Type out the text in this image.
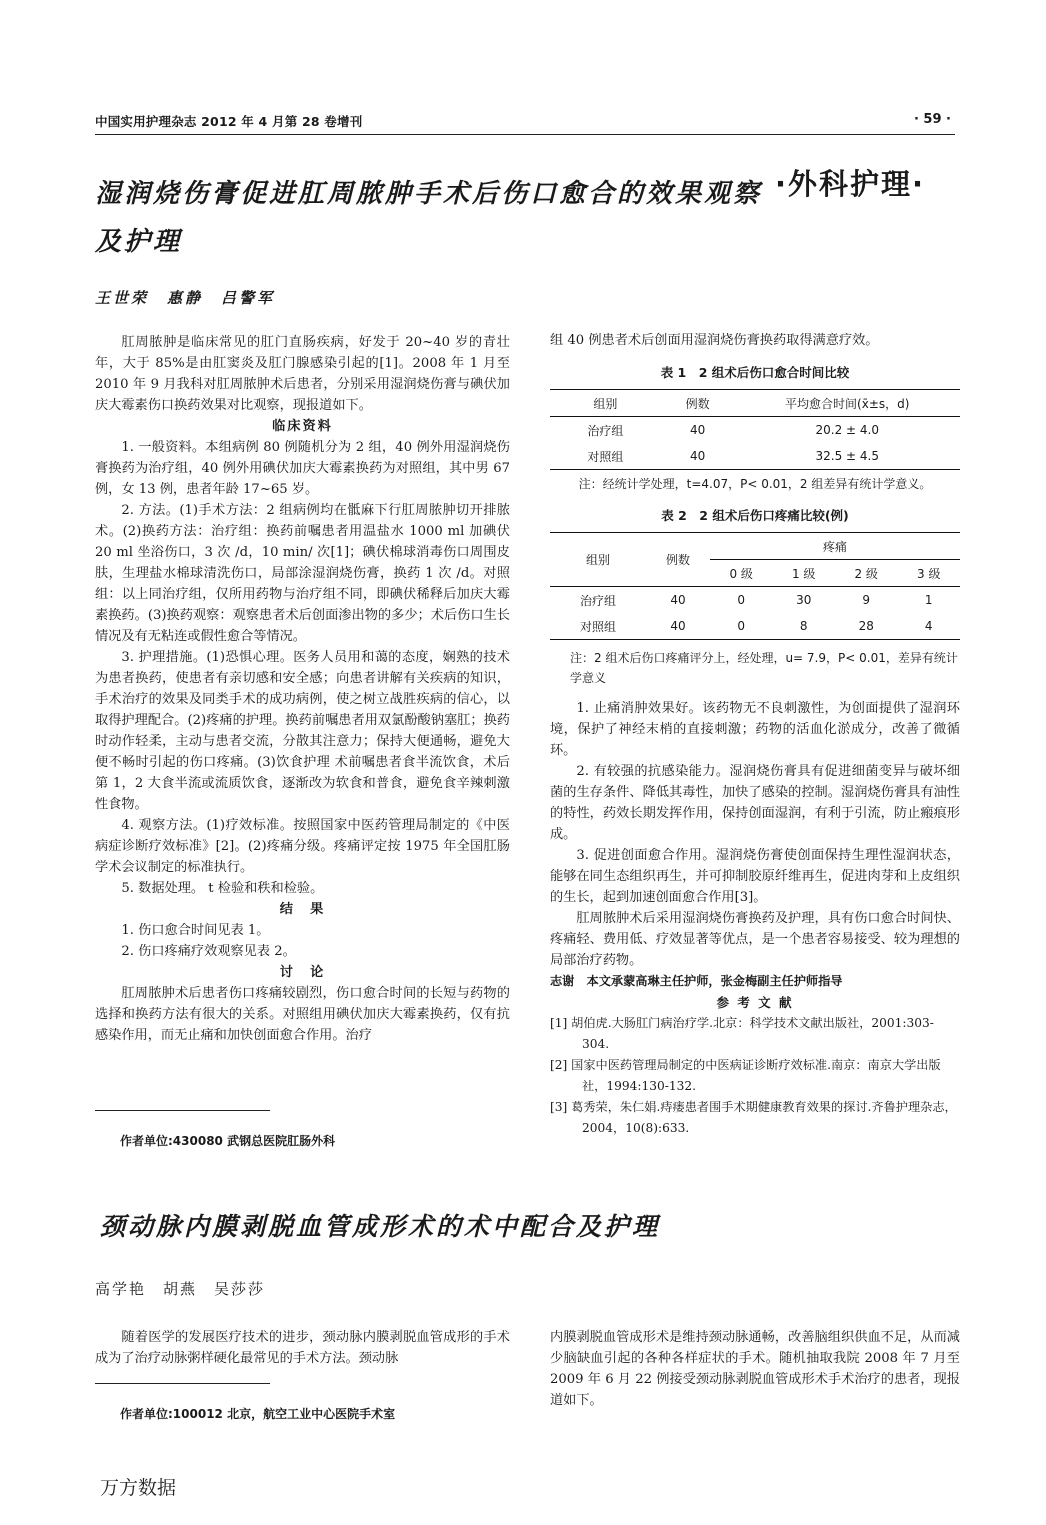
中国实用护理杂志 2012 年 4 月第 28 卷增刊	· 59 ·
湿润烧伤膏促进肛周脓肿手术后伤口愈合的效果观察及护理
·外科护理·
王世荣　惠静　吕警军

肛周脓肿是临床常见的肛门直肠疾病，好发于 20~40 岁的青壮年，大于 85%是由肛窦炎及肛门腺感染引起的[1]。2008 年 1 月至 2010 年 9 月我科对肛周脓肿术后患者，分别采用湿润烧伤膏与碘伏加庆大霉素伤口换药效果对比观察，现报道如下。

临床资料

1. 一般资料。本组病例 80 例随机分为 2 组，40 例外用湿润烧伤膏换药为治疗组，40 例外用碘伏加庆大霉素换药为对照组，其中男 67 例，女 13 例，患者年龄 17~65 岁。

2. 方法。(1)手术方法：2 组病例均在骶麻下行肛周脓肿切开排脓术。(2)换药方法：治疗组：换药前嘱患者用温盐水 1000 ml 加碘伏 20 ml 坐浴伤口，3 次 /d，10 min/ 次[1]；碘伏棉球消毒伤口周围皮肤，生理盐水棉球清洗伤口，局部涂湿润烧伤膏，换药 1 次 /d。对照组：以上同治疗组，仅所用药物与治疗组不同，即碘伏稀释后加庆大霉素换药。(3)换药观察：观察患者术后创面渗出物的多少；术后伤口生长情况及有无粘连或假性愈合等情况。

3. 护理措施。(1)恐惧心理。医务人员用和蔼的态度，娴熟的技术为患者换药，使患者有亲切感和安全感；向患者讲解有关疾病的知识，手术治疗的效果及同类手术的成功病例，使之树立战胜疾病的信心，以取得护理配合。(2)疼痛的护理。换药前嘱患者用双氯酚酸钠塞肛；换药时动作轻柔，主动与患者交流，分散其注意力；保持大便通畅，避免大便不畅时引起的伤口疼痛。(3)饮食护理 术前嘱患者食半流饮食，术后第 1，2 大食半流或流质饮食，逐渐改为软食和普食，避免食辛辣刺激性食物。

4. 观察方法。(1)疗效标准。按照国家中医药管理局制定的《中医病症诊断疗效标准》[2]。(2)疼痛分级。疼痛评定按 1975 年全国肛肠学术会议制定的标准执行。

5. 数据处理。 t 检验和秩和检验。

结　果

1. 伤口愈合时间见表 1。

2. 伤口疼痛疗效观察见表 2。

讨　论

肛周脓肿术后患者伤口疼痛较剧烈，伤口愈合时间的长短与药物的选择和换药方法有很大的关系。对照组用碘伏加庆大霉素换药，仅有抗感染作用，而无止痛和加快创面愈合作用。治疗

作者单位:430080 武钢总医院肛肠外科

组 40 例患者术后创面用湿润烧伤膏换药取得满意疗效。

表 1　2 组术后伤口愈合时间比较

组别	例数	平均愈合时间(x̄±s，d)
治疗组	40	20.2 ± 4.0
对照组	40	32.5 ± 4.5

注：经统计学处理，t=4.07，P< 0.01，2 组差异有统计学意义。

表 2　2 组术后伤口疼痛比较(例)

组别	例数	疼痛			
		0 级	1 级	2 级	3 级
治疗组	40	0	30	9	1
对照组	40	0	8	28	4

注：2 组术后伤口疼痛评分上，经处理，u= 7.9，P< 0.01，差异有统计学意义

1. 止痛消肿效果好。该药物无不良刺激性，为创面提供了湿润环境，保护了神经末梢的直接刺激；药物的活血化淤成分，改善了微循环。

2. 有较强的抗感染能力。湿润烧伤膏具有促进细菌变异与破坏细菌的生存条件、降低其毒性，加快了感染的控制。湿润烧伤膏具有油性的特性，药效长期发挥作用，保持创面湿润，有利于引流，防止瘢痕形成。

3. 促进创面愈合作用。湿润烧伤膏使创面保持生理性湿润状态，能够在同生态组织再生，并可抑制胶原纤维再生，促进肉芽和上皮组织的生长，起到加速创面愈合作用[3]。

肛周脓肿术后采用湿润烧伤膏换药及护理，具有伤口愈合时间快、疼痛轻、费用低、疗效显著等优点，是一个患者容易接受、较为理想的局部治疗药物。

志谢　本文承蒙高琳主任护师，张金梅副主任护师指导

参 考 文 献

[1] 胡伯虎.大肠肛门病治疗学.北京：科学技术文献出版社，2001:303-304.

[2] 国家中医药管理局制定的中医病证诊断疗效标准.南京：南京大学出版社，1994:130-132.

[3] 葛秀荣，朱仁娟.痔瘘患者围手术期健康教育效果的探讨.齐鲁护理杂志，2004，10(8):633.

颈动脉内膜剥脱血管成形术的术中配合及护理
高学艳　胡燕　吴莎莎

随着医学的发展医疗技术的进步，颈动脉内膜剥脱血管成形的手术成为了治疗动脉粥样硬化最常见的手术方法。颈动脉

作者单位:100012 北京，航空工业中心医院手术室

内膜剥脱血管成形术是维持颈动脉通畅，改善脑组织供血不足，从而减少脑缺血引起的各种各样症状的手术。随机抽取我院 2008 年 7 月至 2009 年 6 月 22 例接受颈动脉剥脱血管成形术手术治疗的患者，现报道如下。

万方数据
